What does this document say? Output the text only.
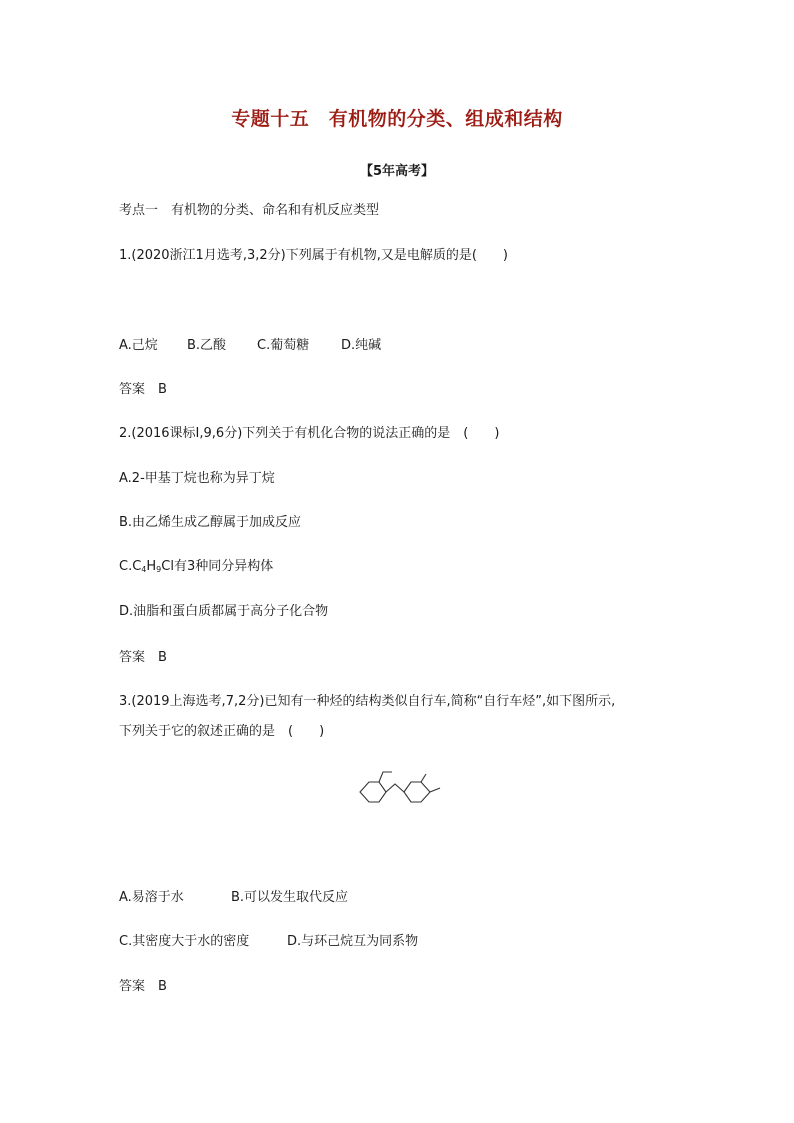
专题十五　有机物的分类、组成和结构
【5年高考】
考点一　有机物的分类、命名和有机反应类型
1.(2020浙江1月选考,3,2分)下列属于有机物,又是电解质的是(　　)
A.己烷 B.乙酸 C.葡萄糖 D.纯碱
答案　 B
2.(2016课标Ⅰ,9,6分)下列关于有机化合物的说法正确的是　(　　)
A.2-甲基丁烷也称为异丁烷
B.由乙烯生成乙醇属于加成反应
$C.C_4H_9Cl$有3种同分异构体
D.油脂和蛋白质都属于高分子化合物
答案　 B
3.(2019上海选考,7,2分)已知有一种烃的结构类似自行车,简称“自行车烃”,如下图所示,
下列关于它的叙述正确的是　(　　)
A.易溶于水	B.可以发生取代反应
C.其密度大于水的密度	D.与环己烷互为同系物
答案　 B
